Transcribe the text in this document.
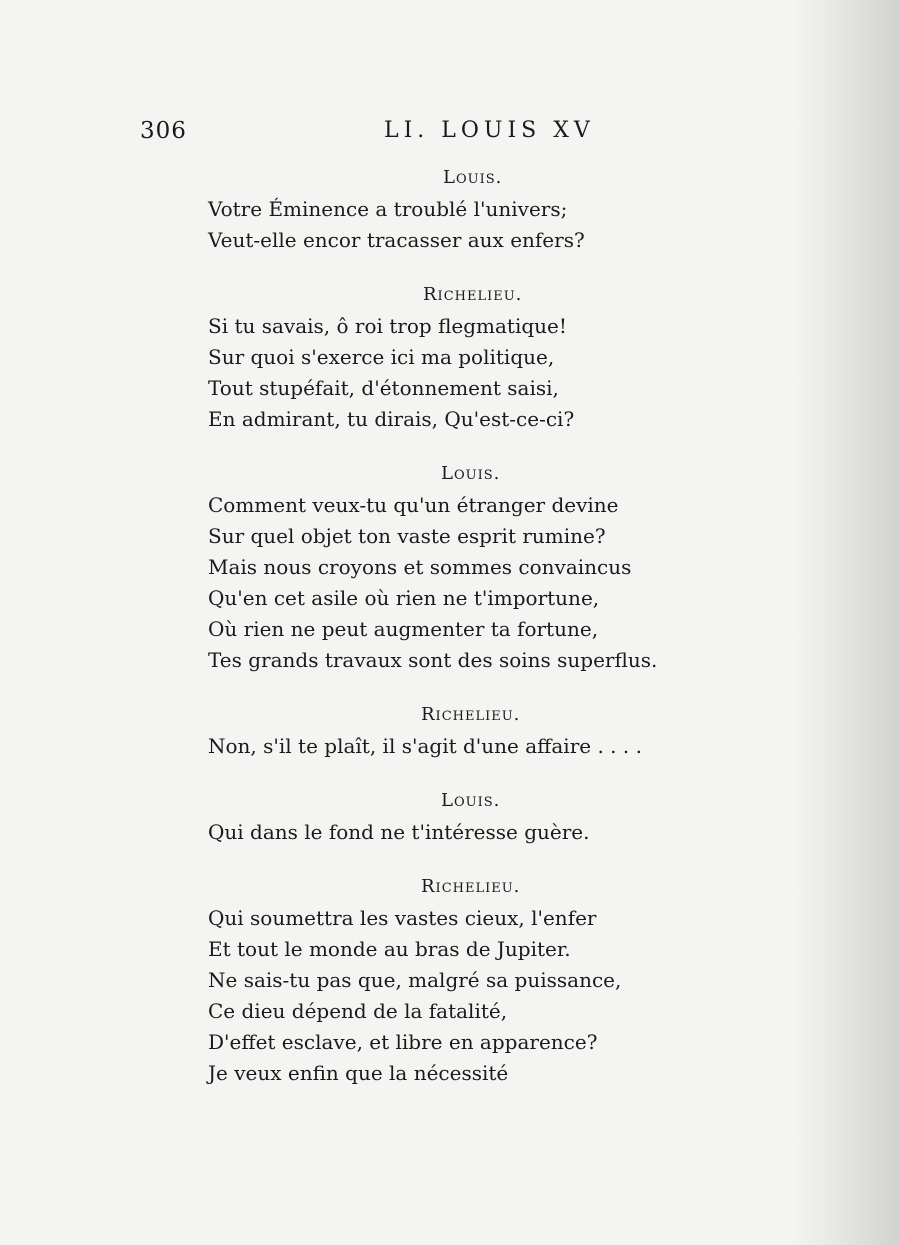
306	LI. LOUIS XV
Louis.
Votre Éminence a troublé l'univers;
Veut-elle encor tracasser aux enfers?
Richelieu.
Si tu savais, ô roi trop flegmatique!
Sur quoi s'exerce ici ma politique,
Tout stupéfait, d'étonnement saisi,
En admirant, tu dirais, Qu'est-ce-ci?
Louis.
Comment veux-tu qu'un étranger devine
Sur quel objet ton vaste esprit rumine?
Mais nous croyons et sommes convaincus
Qu'en cet asile où rien ne t'importune,
Où rien ne peut augmenter ta fortune,
Tes grands travaux sont des soins superflus.
Richelieu.
Non, s'il te plaît, il s'agit d'une affaire . . . .
Louis.
Qui dans le fond ne t'intéresse guère.
Richelieu.
Qui soumettra les vastes cieux, l'enfer
Et tout le monde au bras de Jupiter.
Ne sais-tu pas que, malgré sa puissance,
Ce dieu dépend de la fatalité,
D'effet esclave, et libre en apparence?
Je veux enfin que la nécessité
